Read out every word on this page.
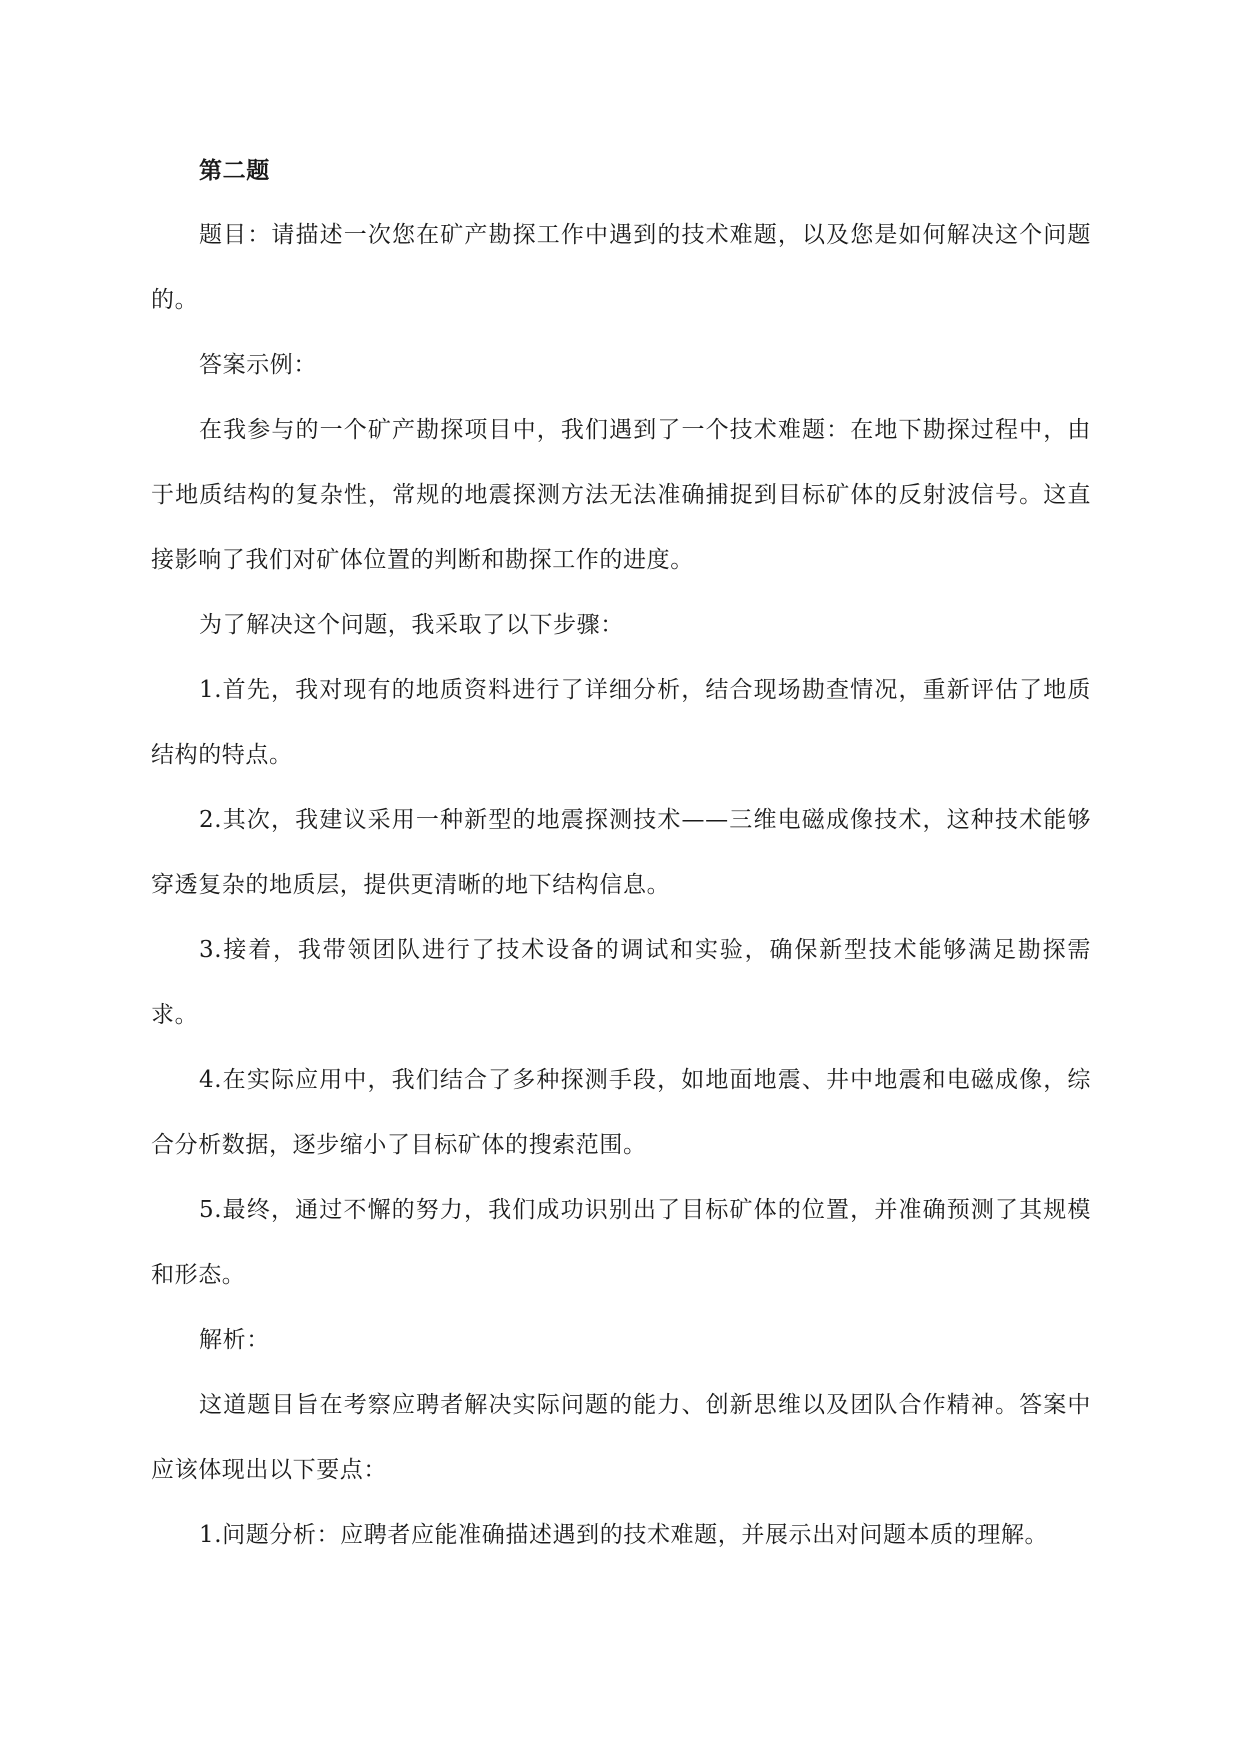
第二题

题目：请描述一次您在矿产勘探工作中遇到的技术难题，以及您是如何解决这个问题的。

答案示例：

在我参与的一个矿产勘探项目中，我们遇到了一个技术难题：在地下勘探过程中，由于地质结构的复杂性，常规的地震探测方法无法准确捕捉到目标矿体的反射波信号。这直接影响了我们对矿体位置的判断和勘探工作的进度。

为了解决这个问题，我采取了以下步骤：

1.首先，我对现有的地质资料进行了详细分析，结合现场勘查情况，重新评估了地质结构的特点。

2.其次，我建议采用一种新型的地震探测技术——三维电磁成像技术，这种技术能够穿透复杂的地质层，提供更清晰的地下结构信息。

3.接着，我带领团队进行了技术设备的调试和实验，确保新型技术能够满足勘探需求。

4.在实际应用中，我们结合了多种探测手段，如地面地震、井中地震和电磁成像，综合分析数据，逐步缩小了目标矿体的搜索范围。

5.最终，通过不懈的努力，我们成功识别出了目标矿体的位置，并准确预测了其规模和形态。

解析：

这道题目旨在考察应聘者解决实际问题的能力、创新思维以及团队合作精神。答案中应该体现出以下要点：

1.问题分析：应聘者应能准确描述遇到的技术难题，并展示出对问题本质的理解。
